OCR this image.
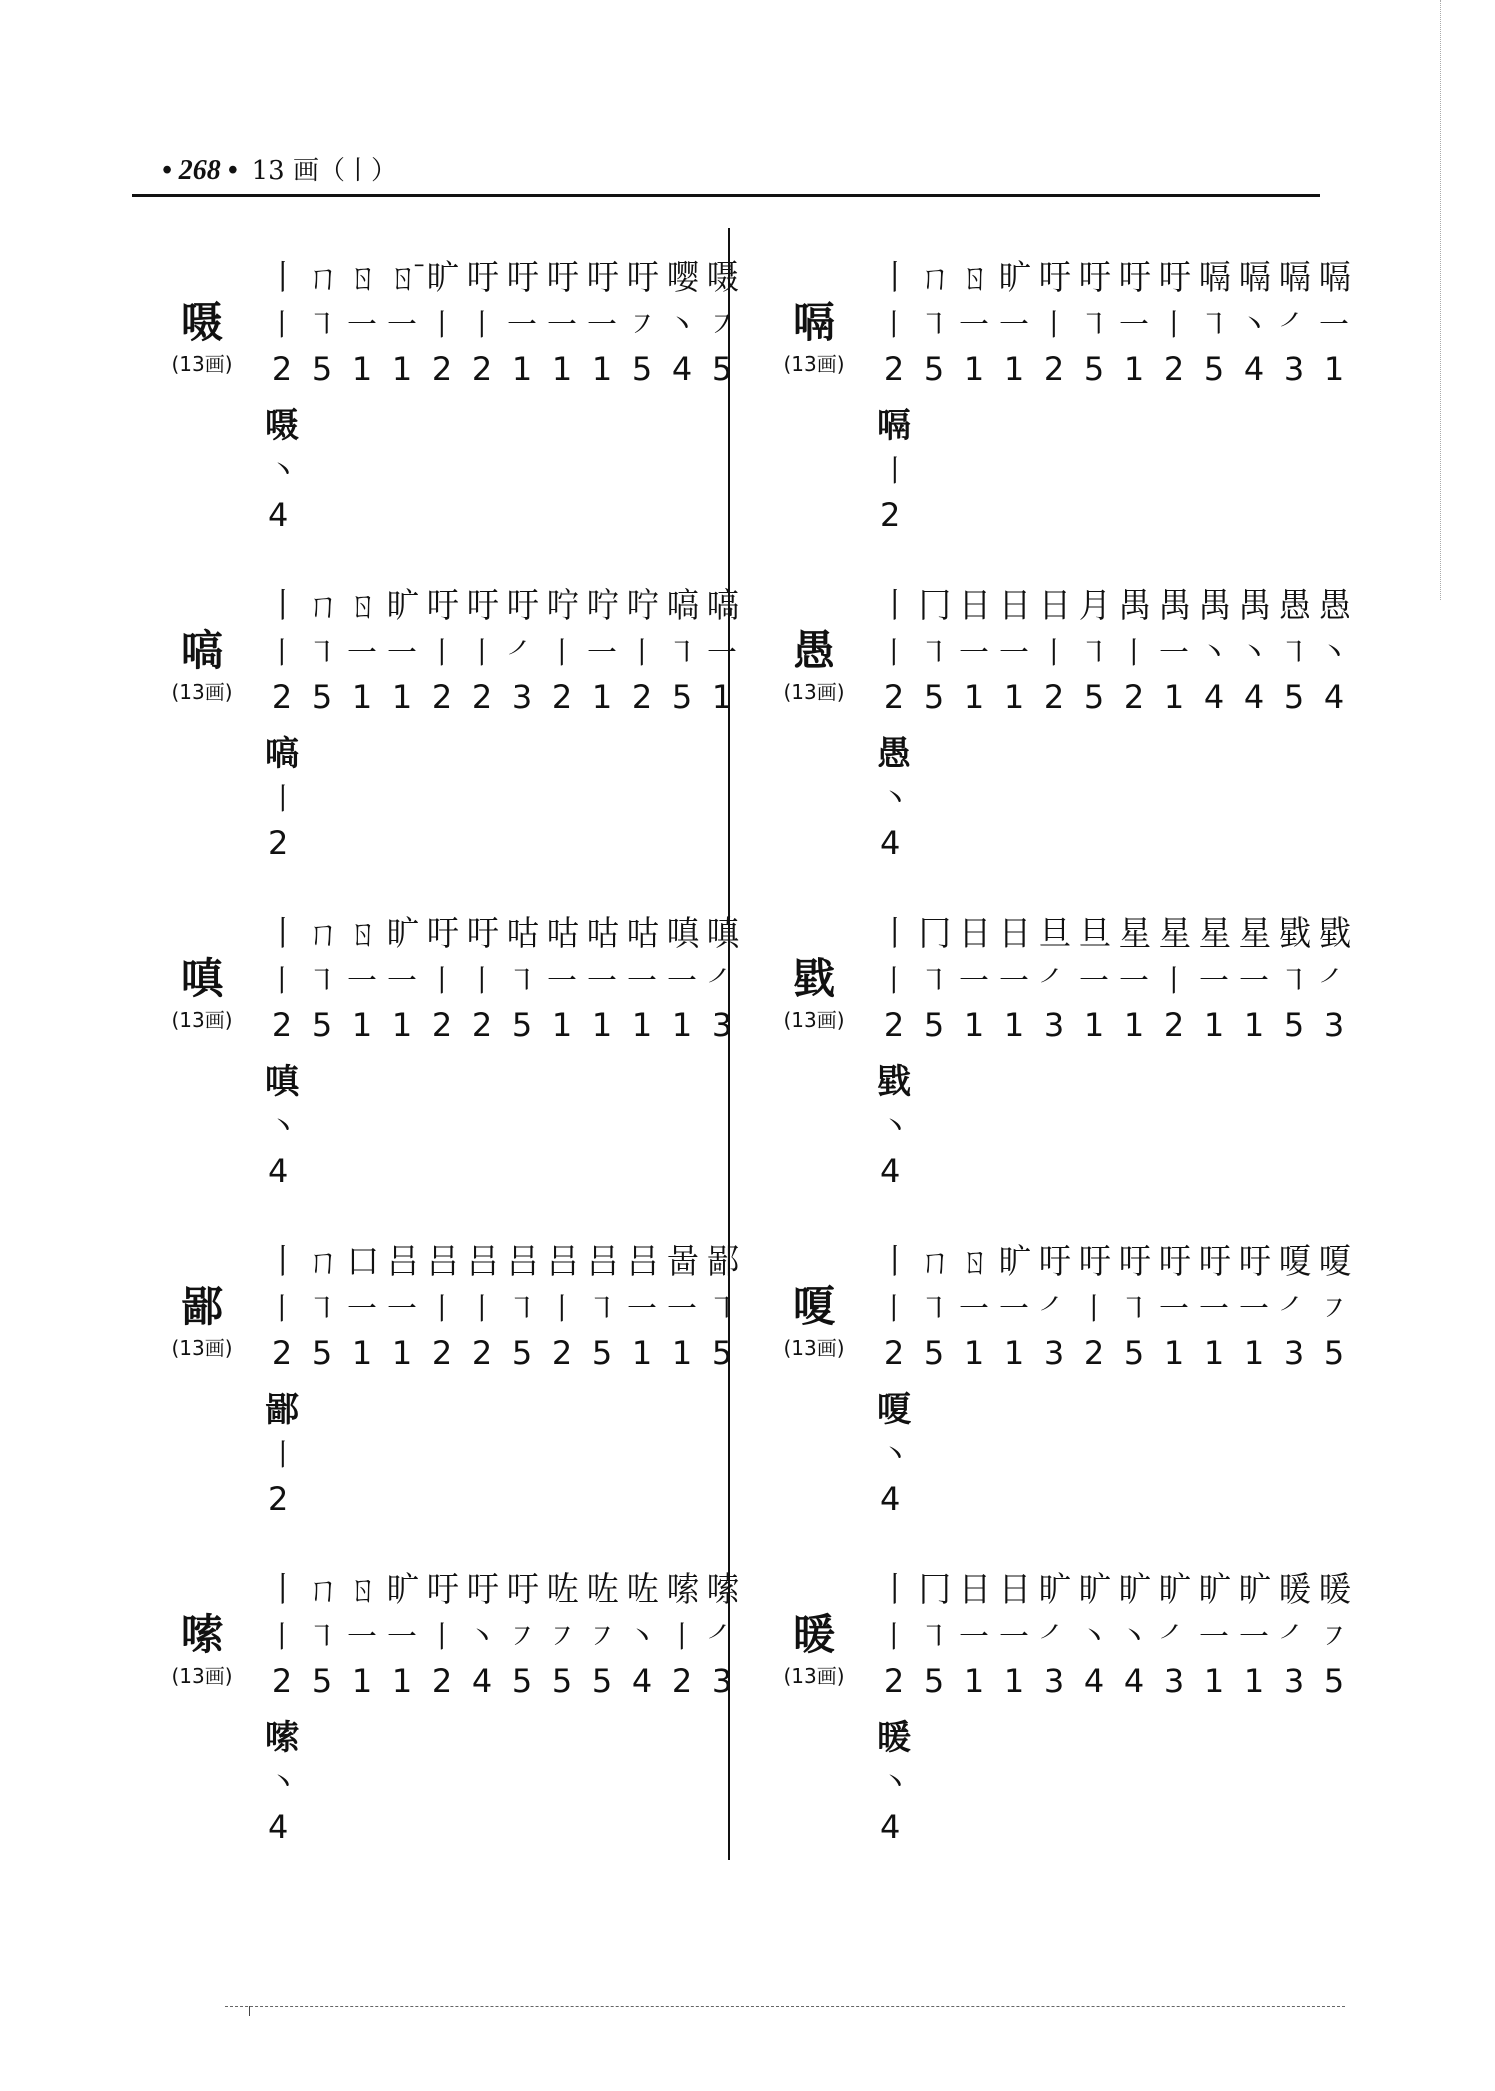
• 268 • 13 画（丨）
嗫
(13画)
丨 ㄇ ㄖ ㄖ̄ 旷 吁 吁 吁 吁 吁 嘤 嗫
丨 ㇕ 一 一 丨 丨 一 一 一 ㇇ 丶 ㇇
2 5 1 1 2 2 1 1 1 5 4 5
嗫
丶
4
嗃
(13画)
丨 ㄇ ㄖ 旷 吁 吁 吁 咛 咛 咛 嗃 嗃
丨 ㇕ 一 一 丨 丨 ㇒ 丨 一 丨 ㇕ 一
2 5 1 1 2 2 3 2 1 2 5 1
嗃
丨
2
嗔
(13画)
丨 ㄇ ㄖ 旷 吁 吁 咕 咕 咕 咕 嗔 嗔
丨 ㇕ 一 一 丨 丨 ㇕ 一 一 一 一 ㇒
2 5 1 1 2 2 5 1 1 1 1 3
嗔
丶
4
鄙
(13画)
丨 ㄇ 口 吕 吕 吕 吕 吕 吕 吕 啚 鄙
丨 ㇕ 一 一 丨 丨 ㇕ 丨 ㇕ 一 一 ㇕
2 5 1 1 2 2 5 2 5 1 1 5
鄙
丨
2
嗦
(13画)
丨 ㄇ ㄖ 旷 吁 吁 吁 咗 咗 咗 嗦 嗦
丨 ㇕ 一 一 丨 丶 ㇇ ㇇ ㇇ 丶 丨 ㇒
2 5 1 1 2 4 5 5 5 4 2 3
嗦
丶
4
嗝
(13画)
丨 ㄇ ㄖ 旷 吁 吁 吁 吁 嗝 嗝 嗝 嗝
丨 ㇕ 一 一 丨 ㇕ 一 丨 ㇕ 丶 ㇒ 一
2 5 1 1 2 5 1 2 5 4 3 1
嗝
丨
2
愚
(13画)
丨 冂 日 日 日 月 禺 禺 禺 禺 愚 愚
丨 ㇕ 一 一 丨 ㇕ 丨 一 丶 丶 ㇕ 丶
2 5 1 1 2 5 2 1 4 4 5 4
愚
丶
4
戥
(13画)
丨 冂 日 日 旦 旦 星 星 星 星 戥 戥
丨 ㇕ 一 一 ㇒ 一 一 丨 一 一 ㇕ ㇒
2 5 1 1 3 1 1 2 1 1 5 3
戥
丶
4
嗄
(13画)
丨 ㄇ ㄖ 旷 吁 吁 吁 吁 吁 吁 嗄 嗄
丨 ㇕ 一 一 ㇒ 丨 ㇕ 一 一 一 ㇒ ㇇
2 5 1 1 3 2 5 1 1 1 3 5
嗄
丶
4
暖
(13画)
丨 冂 日 日 旷 旷 旷 旷 旷 旷 暖 暖
丨 ㇕ 一 一 ㇒ 丶 丶 ㇒ 一 一 ㇒ ㇇
2 5 1 1 3 4 4 3 1 1 3 5
暖
丶
4
